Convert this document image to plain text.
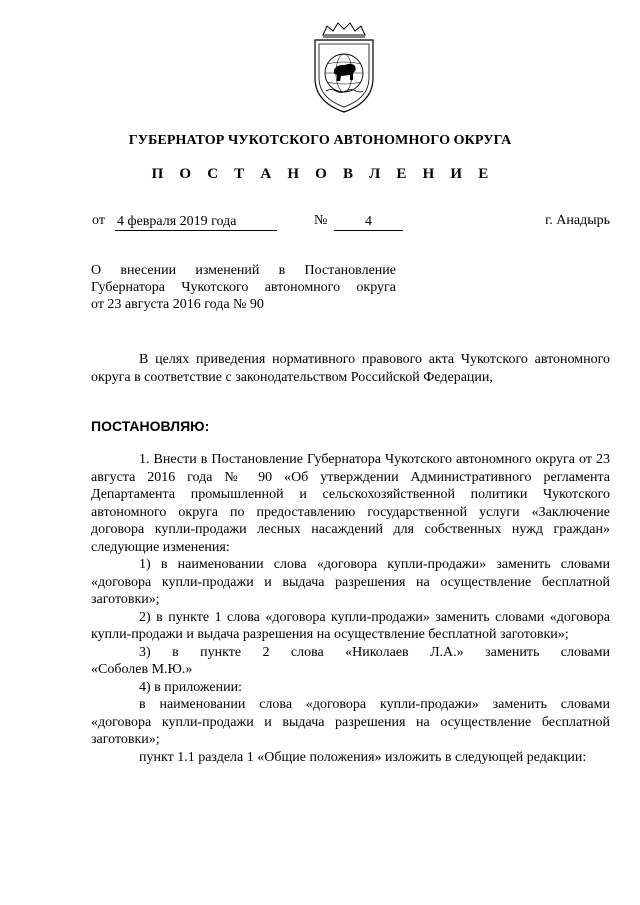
ГУБЕРНАТОР ЧУКОТСКОГО АВТОНОМНОГО ОКРУГА
П О С Т А Н О В Л Е Н И Е
от 4 февраля 2019 года	№	4	г. Анадырь
О внесении изменений в Постановление
Губернатора Чукотского автономного округа
от 23 августа 2016 года № 90

В целях приведения нормативного правового акта Чукотского автономного округа в соответствие с законодательством Российской Федерации,

ПОСТАНОВЛЯЮ:

1. Внести в Постановление Губернатора Чукотского автономного округа от 23 августа 2016 года № 90 «Об утверждении Административного регламента Департамента промышленной и сельскохозяйственной политики Чукотского автономного округа по предоставлению государственной услуги «Заключение договора купли-продажи лесных насаждений для собственных нужд граждан» следующие изменения:

1) в наименовании слова «договора купли-продажи» заменить словами «договора купли-продажи и выдача разрешения на осуществление бесплатной заготовки»;

2) в пункте 1 слова «договора купли-продажи» заменить словами «договора купли-продажи и выдача разрешения на осуществление бесплатной заготовки»;

3) в пункте 2 слова «Николаев Л.А.» заменить словами

«Соболев М.Ю.»

4) в приложении:

в наименовании слова «договора купли-продажи» заменить словами «договора купли-продажи и выдача разрешения на осуществление бесплатной заготовки»;

пункт 1.1 раздела 1 «Общие положения» изложить в следующей редакции:
